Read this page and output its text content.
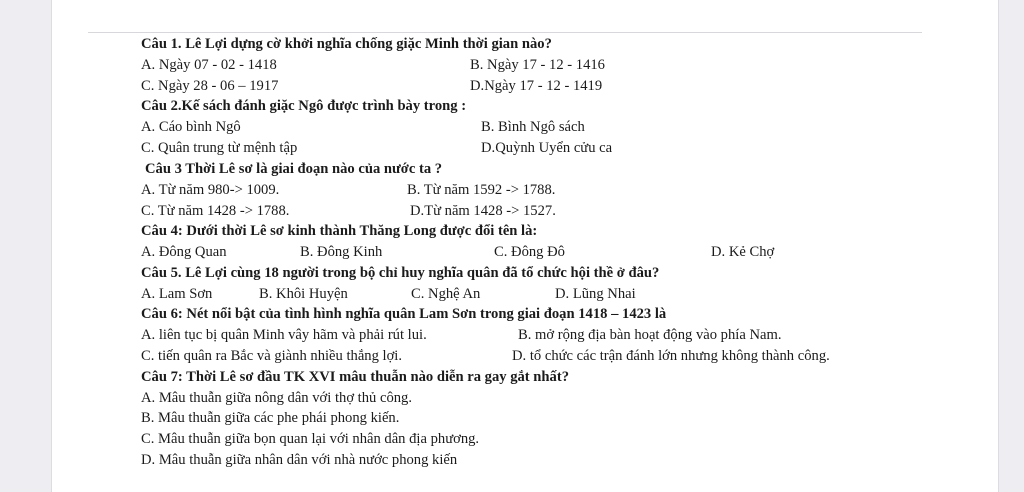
Câu 1. Lê Lợi dựng cờ khởi nghĩa chống giặc Minh thời gian nào?
A. Ngày 07 - 02 - 1418	B. Ngày 17 - 12 - 1416
C. Ngày 28 - 06 – 1917	D.Ngày 17 - 12 - 1419
Câu 2.Kế sách đánh giặc Ngô được trình bày trong :
A. Cáo bình Ngô	B. Bình Ngô sách
C. Quân trung từ mệnh tập	D.Quỳnh Uyển cửu ca
Câu 3 Thời Lê sơ là giai đoạn nào của nước ta ?
A. Từ năm 980-> 1009.	B. Từ năm 1592 -> 1788.
C. Từ năm 1428 -> 1788.	D.Từ năm 1428 -> 1527.
Câu 4: Dưới thời Lê sơ kinh thành Thăng Long được đổi tên là:
A. Đông Quan	B. Đông Kinh	C. Đông Đô	D. Kẻ Chợ
Câu 5. Lê Lợi cùng 18 người trong bộ chỉ huy nghĩa quân đã tổ chức hội thề ở đâu?
A. Lam Sơn	B. Khôi Huyện	C. Nghệ An	D. Lũng Nhai
Câu 6: Nét nổi bật của tình hình nghĩa quân Lam Sơn trong giai đoạn 1418 – 1423 là
A. liên tục bị quân Minh vây hãm và phải rút lui.	B. mở rộng địa bàn hoạt động vào phía Nam.
C. tiến quân ra Bắc và giành nhiều thắng lợi.	D. tổ chức các trận đánh lớn nhưng không thành công.
Câu 7: Thời Lê sơ đầu TK XVI mâu thuẫn nào diễn ra gay gắt nhất?
A. Mâu thuẫn giữa nông dân với thợ thủ công.
B. Mâu thuẫn giữa các phe phái phong kiến.
C. Mâu thuẫn giữa bọn quan lại với nhân dân địa phương.
D. Mâu thuẫn giữa nhân dân với nhà nước phong kiến
